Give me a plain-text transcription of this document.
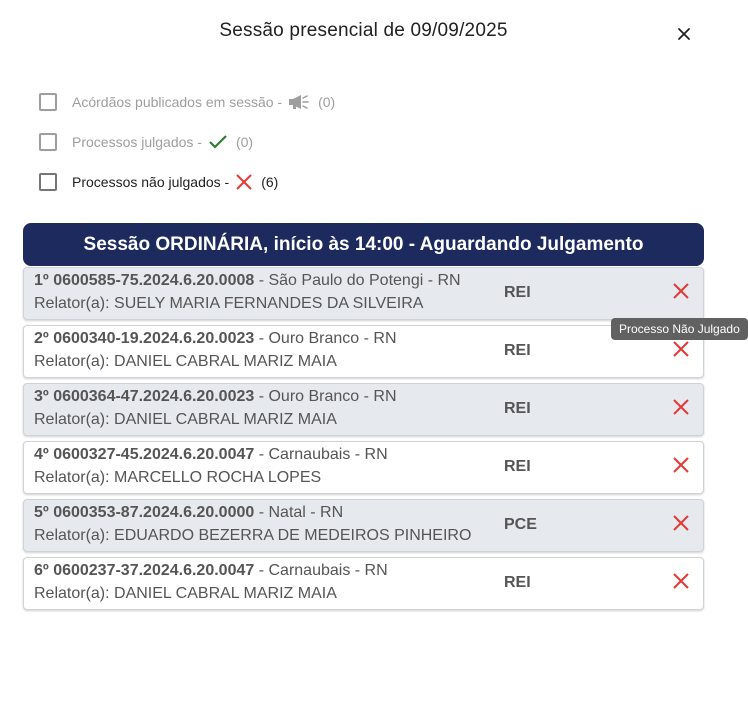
Sessão presencial de 09/09/2025
Acórdãos publicados em sessão -	(0)
Processos julgados - (0)
Processos não julgados - (6)
Sessão ORDINÁRIA, início às 14:00 - Aguardando Julgamento
1º 0600585-75.2024.6.20.0008 - São Paulo do Potengi - RN
Relator(a): SUELY MARIA FERNANDES DA SILVEIRA
REI
2º 0600340-19.2024.6.20.0023 - Ouro Branco - RN
Relator(a): DANIEL CABRAL MARIZ MAIA
REI
3º 0600364-47.2024.6.20.0023 - Ouro Branco - RN
Relator(a): DANIEL CABRAL MARIZ MAIA
REI
4º 0600327-45.2024.6.20.0047 - Carnaubais - RN
Relator(a): MARCELLO ROCHA LOPES
REI
5º 0600353-87.2024.6.20.0000 - Natal - RN
Relator(a): EDUARDO BEZERRA DE MEDEIROS PINHEIRO
PCE
6º 0600237-37.2024.6.20.0047 - Carnaubais - RN
Relator(a): DANIEL CABRAL MARIZ MAIA
REI
Processo Não Julgado
